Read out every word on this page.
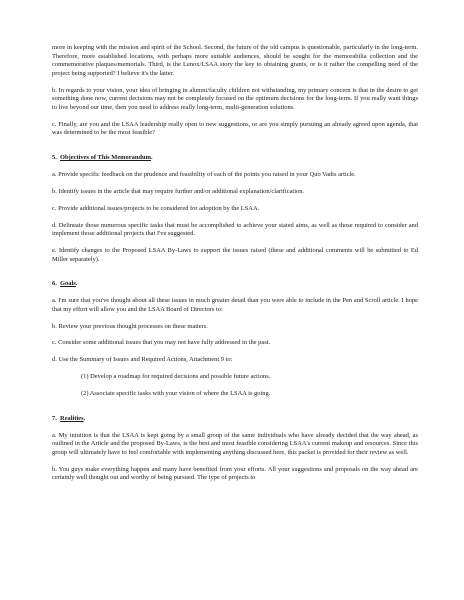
more in keeping with the mission and spirit of the School. Second, the future of the old campus is questionable, particularly in the long-term. Therefore, more established locations, with perhaps more suitable audiences, should be sought for the memorabilia collection and the commemorative plaques/memorials. Third, is the Lenox/LSAA story the key to obtaining grants, or is it rather the compelling need of the project being supported? I believe it's the latter.

b. In regards to your vision, your idea of bringing in alumni/faculty children not withstanding, my primary concern is that in the desire to get something done now, current decisions may not be completely focused on the optimum decisions for the long-term. If you really want things to live beyond our time, then you need to address really long-term, multi-generation solutions.

c. Finally, are you and the LSAA leadership really open to new suggestions, or are you simply pursuing an already agreed upon agenda, that was determined to be the most feasible?

5. Objectives of This Memorandum.

a. Provide specific feedback on the prudence and feasibility of each of the points you raised in your Quo Vadis article.

b. Identify issues in the article that may require further and/or additional explanation/clarification.

c. Provide additional issues/projects to be considered for adoption by the LSAA.

d. Delineate those numerous specific tasks that must be accomplished to achieve your stated aims, as well as those required to consider and implement those additional projects that I've suggested.

e. Identify changes to the Proposed LSAA By-Laws to support the issues raised (these and additional comments will be submitted to Ed Miller separately).

6. Goals.

a. I'm sure that you've thought about all these issues in much greater detail than you were able to include in the Pen and Scroll article. I hope that my effort will allow you and the LSAA Board of Directors to:

b. Review your previous thought processes on these matters.

c. Consider some additional issues that you may not have fully addressed in the past.

d. Use the Summary of Issues and Required Actions, Attachment 9 to:

(1) Develop a roadmap for required decisions and possible future actions.

(2) Associate specific tasks with your vision of where the LSAA is going.

7. Realities.

a. My intuition is that the LSAA is kept going by a small group of the same individuals who have already decided that the way ahead, as outlined in the Article and the proposed By-Laws, is the best and most feasible considering LSAA's current makeup and resources. Since this group will ultimately have to feel comfortable with implementing anything discussed here, this packet is provided for their review as well.

b. You guys make everything happen and many have benefited from your efforts. All your suggestions and proposals on the way ahead are certainly well thought out and worthy of being pursued. The type of projects to
